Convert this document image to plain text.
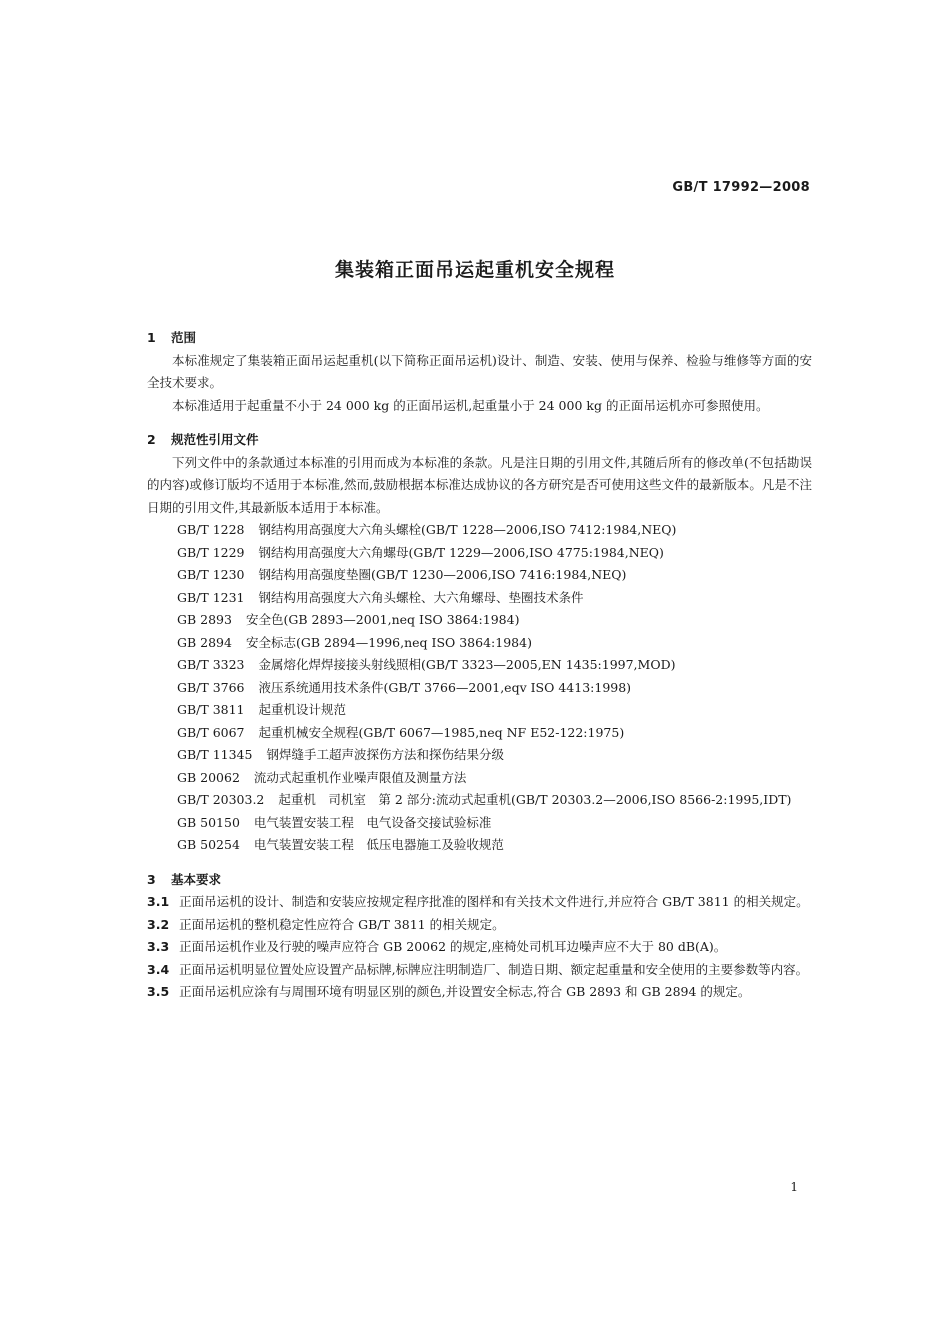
GB/T 17992—2008
集装箱正面吊运起重机安全规程

1 范围

本标准规定了集装箱正面吊运起重机(以下简称正面吊运机)设计、制造、安装、使用与保养、检验与维修等方面的安全技术要求。

本标准适用于起重量不小于 24 000 kg 的正面吊运机,起重量小于 24 000 kg 的正面吊运机亦可参照使用。

2 规范性引用文件

下列文件中的条款通过本标准的引用而成为本标准的条款。凡是注日期的引用文件,其随后所有的修改单(不包括勘误的内容)或修订版均不适用于本标准,然而,鼓励根据本标准达成协议的各方研究是否可使用这些文件的最新版本。凡是不注日期的引用文件,其最新版本适用于本标准。

GB/T 1228 钢结构用高强度大六角头螺栓(GB/T 1228—2006,ISO 7412:1984,NEQ)
GB/T 1229 钢结构用高强度大六角螺母(GB/T 1229—2006,ISO 4775:1984,NEQ)
GB/T 1230 钢结构用高强度垫圈(GB/T 1230—2006,ISO 7416:1984,NEQ)
GB/T 1231 钢结构用高强度大六角头螺栓、大六角螺母、垫圈技术条件
GB 2893 安全色(GB 2893—2001,neq ISO 3864:1984)
GB 2894 安全标志(GB 2894—1996,neq ISO 3864:1984)
GB/T 3323 金属熔化焊焊接接头射线照相(GB/T 3323—2005,EN 1435:1997,MOD)
GB/T 3766 液压系统通用技术条件(GB/T 3766—2001,eqv ISO 4413:1998)
GB/T 3811 起重机设计规范
GB/T 6067 起重机械安全规程(GB/T 6067—1985,neq NF E52-122:1975)
GB/T 11345 钢焊缝手工超声波探伤方法和探伤结果分级
GB 20062 流动式起重机作业噪声限值及测量方法
GB/T 20303.2 起重机　司机室　第 2 部分:流动式起重机(GB/T 20303.2—2006,ISO 8566-2:1995,IDT)
GB 50150 电气装置安装工程　电气设备交接试验标准
GB 50254 电气装置安装工程　低压电器施工及验收规范

3 基本要求

3.1 正面吊运机的设计、制造和安装应按规定程序批准的图样和有关技术文件进行,并应符合 GB/T 3811 的相关规定。

3.2 正面吊运机的整机稳定性应符合 GB/T 3811 的相关规定。

3.3 正面吊运机作业及行驶的噪声应符合 GB 20062 的规定,座椅处司机耳边噪声应不大于 80 dB(A)。

3.4 正面吊运机明显位置处应设置产品标牌,标牌应注明制造厂、制造日期、额定起重量和安全使用的主要参数等内容。

3.5 正面吊运机应涂有与周围环境有明显区别的颜色,并设置安全标志,符合 GB 2893 和 GB 2894 的规定。

1
